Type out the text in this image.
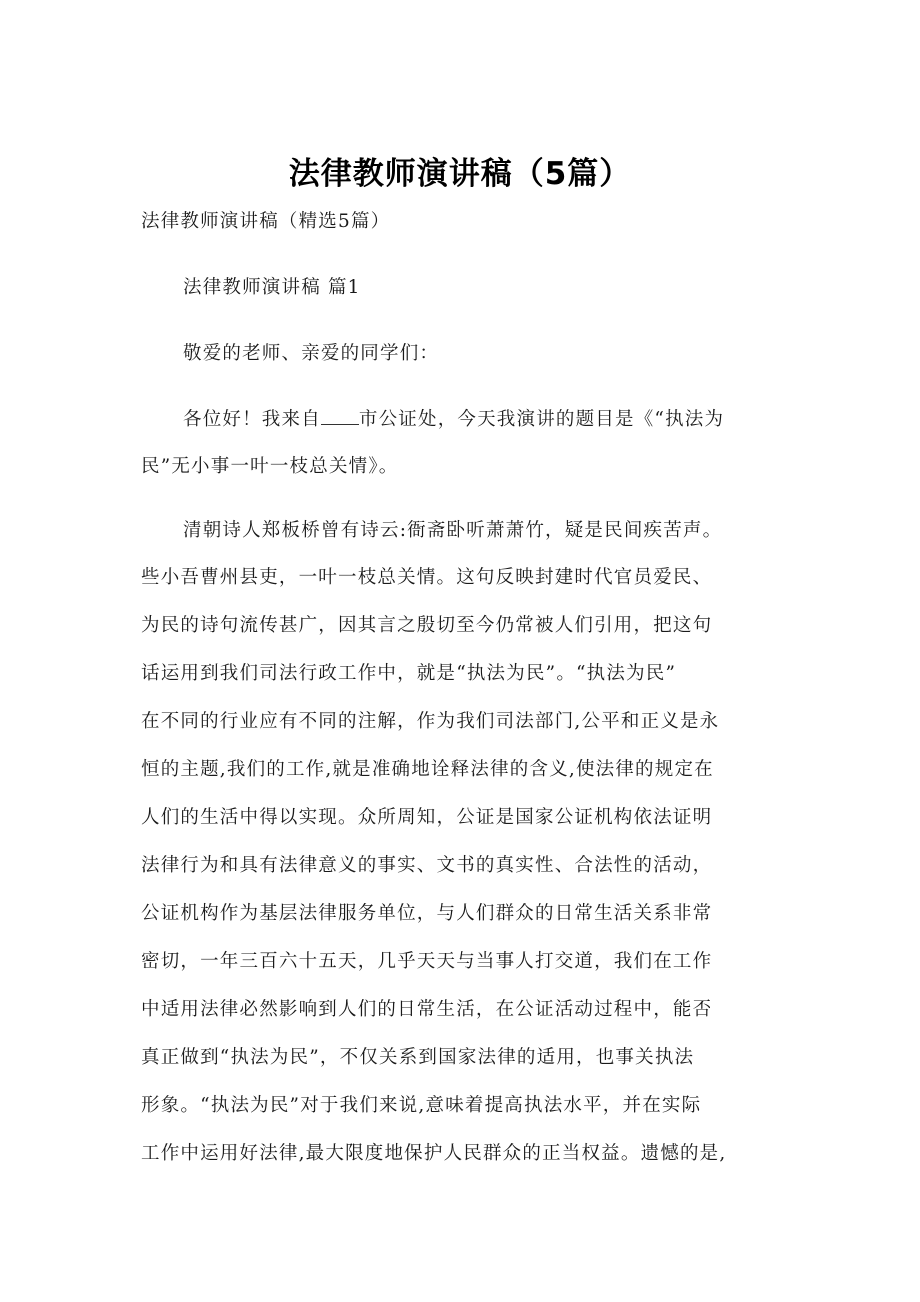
法律教师演讲稿（5篇）
法律教师演讲稿（精选5篇）
法律教师演讲稿 篇1
敬爱的老师、亲爱的同学们：
各位好！我来自 市公证处，今天我演讲的题目是《“执法为
民”无小事一叶一枝总关情》。
清朝诗人郑板桥曾有诗云:衙斋卧听萧萧竹，疑是民间疾苦声。
些小吾曹州县吏，一叶一枝总关情。这句反映封建时代官员爱民、
为民的诗句流传甚广，因其言之殷切至今仍常被人们引用，把这句
话运用到我们司法行政工作中，就是“执法为民”。“执法为民”
在不同的行业应有不同的注解，作为我们司法部门,公平和正义是永
恒的主题,我们的工作,就是准确地诠释法律的含义,使法律的规定在
人们的生活中得以实现。众所周知，公证是国家公证机构依法证明
法律行为和具有法律意义的事实、文书的真实性、合法性的活动，
公证机构作为基层法律服务单位，与人们群众的日常生活关系非常
密切，一年三百六十五天，几乎天天与当事人打交道，我们在工作
中适用法律必然影响到人们的日常生活，在公证活动过程中，能否
真正做到“执法为民”，不仅关系到国家法律的适用，也事关执法
形象。“执法为民”对于我们来说,意味着提高执法水平，并在实际
工作中运用好法律,最大限度地保护人民群众的正当权益。遗憾的是,
